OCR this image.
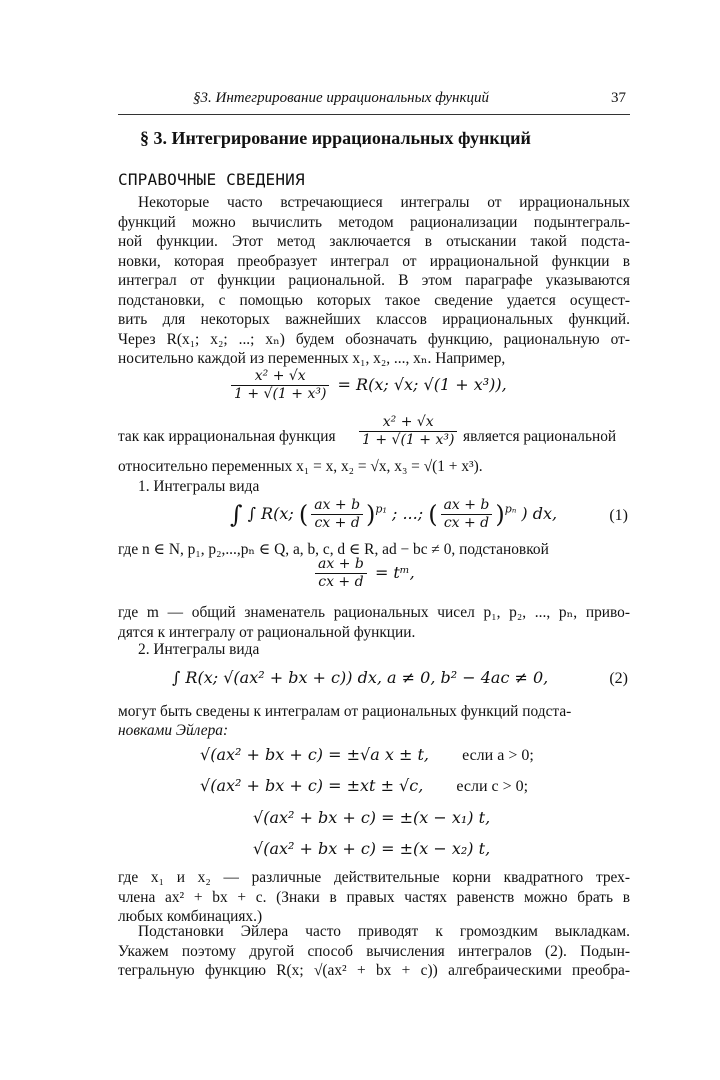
§3. Интегрирование иррациональных функций	37
§ 3. Интегрирование иррациональных функций
СПРАВОЧНЫЕ СВЕДЕНИЯ
Некоторые часто встречающиеся интегралы от иррациональных
функций можно вычислить методом рационализации подынтеграль-
ной функции. Этот метод заключается в отыскании такой подста-
новки, которая преобразует интеграл от иррациональной функции в
интеграл от функции рациональной. В этом параграфе указываются
подстановки, с помощью которых такое сведение удается осущест-
вить для некоторых важнейших классов иррациональных функций.
Через R(x₁; x₂; ...; xₙ) будем обозначать функцию, рациональную от-
носительно каждой из переменных x₁, x₂, ..., xₙ. Например,
$\frac{\text{x² + √x}}{\text{1 + √(1 + x³)}} = R(x$; √x; √(1 + x³)),
так как иррациональная функция $\frac{\text{x² + √x}}{\text{1 + √(1 + x³)}}$ является рациональной
относительно переменных x₁ = x, x₂ = √x, x₃ = √(1 + x³).
1. Интегралы вида
∫ ∫ R(x; ( $\frac{ax + b}{cx + d} )^{p_1}$ ; ...; ( $\frac{ax + b}{cx + d} )^{p_n}$ ) dx,	(1)
где n ∈ N, p₁, p₂,...,pₙ ∈ Q, a, b, c, d ∈ R, ad − bc ≠ 0, подстановкой
$\frac{ax + b}{cx + d}$ = tᵐ,
где m — общий знаменатель рациональных чисел p₁, p₂, ..., pₙ, приво-
дятся к интегралу от рациональной функции.
2. Интегралы вида
∫ R(x; √(ax² + bx + c)) dx, a ≠ 0, b² − 4ac ≠ 0,	(2)
могут быть сведены к интегралам от рациональных функций подста-
новками Эйлера:
√(ax² + bx + c) = ±√a x ± t, если a > 0;
√(ax² + bx + c) = ±xt ± √c, если c > 0;
√(ax² + bx + c) = ±(x − x₁) t,
√(ax² + bx + c) = ±(x − x₂) t,
где x₁ и x₂ — различные действительные корни квадратного трех-
члена ax² + bx + c. (Знаки в правых частях равенств можно брать в
любых комбинациях.)
Подстановки Эйлера часто приводят к громоздким выкладкам.
Укажем поэтому другой способ вычисления интегралов (2). Подын-
тегральную функцию R(x; √(ax² + bx + c)) алгебраическими преобра-
